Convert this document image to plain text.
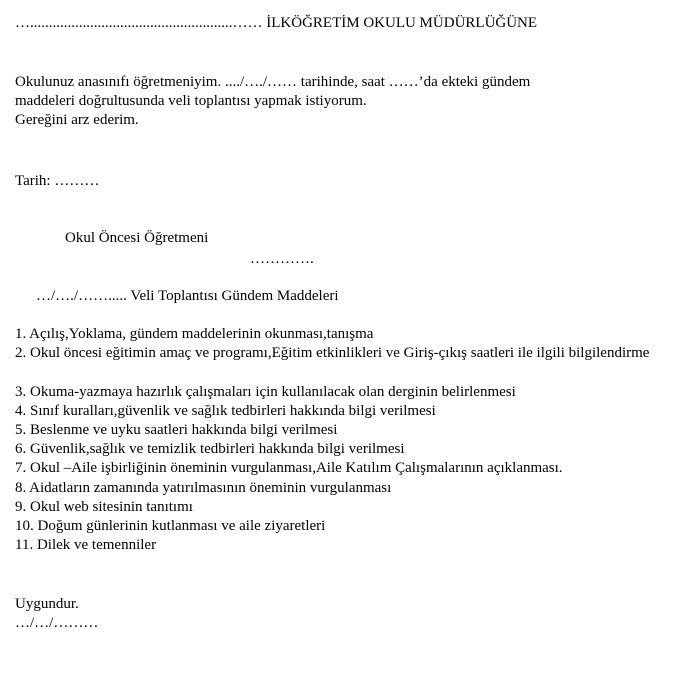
…......................................................…… İLKÖĞRETİM OKULU MÜDÜRLÜĞÜNE
Okulunuz anasınıfı öğretmeniyim. ..../…./…… tarihinde, saat ……’da ekteki gündem
maddeleri doğrultusunda veli toplantısı yapmak istiyorum.
Gereğini arz ederim.
Tarih: ………
Okul Öncesi Öğretmeni
………….
…/…./……..... Veli Toplantısı Gündem Maddeleri
1. Açılış,Yoklama, gündem maddelerinin okunması,tanışma
2. Okul öncesi eğitimin amaç ve programı,Eğitim etkinlikleri ve Giriş-çıkış saatleri ile ilgili bilgilendirme
3. Okuma-yazmaya hazırlık çalışmaları için kullanılacak olan derginin belirlenmesi
4. Sınıf kuralları,güvenlik ve sağlık tedbirleri hakkında bilgi verilmesi
5. Beslenme ve uyku saatleri hakkında bilgi verilmesi
6. Güvenlik,sağlık ve temizlik tedbirleri hakkında bilgi verilmesi
7. Okul –Aile işbirliğinin öneminin vurgulanması,Aile Katılım Çalışmalarının açıklanması.
8. Aidatların zamanında yatırılmasının öneminin vurgulanması
9. Okul web sitesinin tanıtımı
10. Doğum günlerinin kutlanması ve aile ziyaretleri
11. Dilek ve temenniler
Uygundur.
…/…/………
